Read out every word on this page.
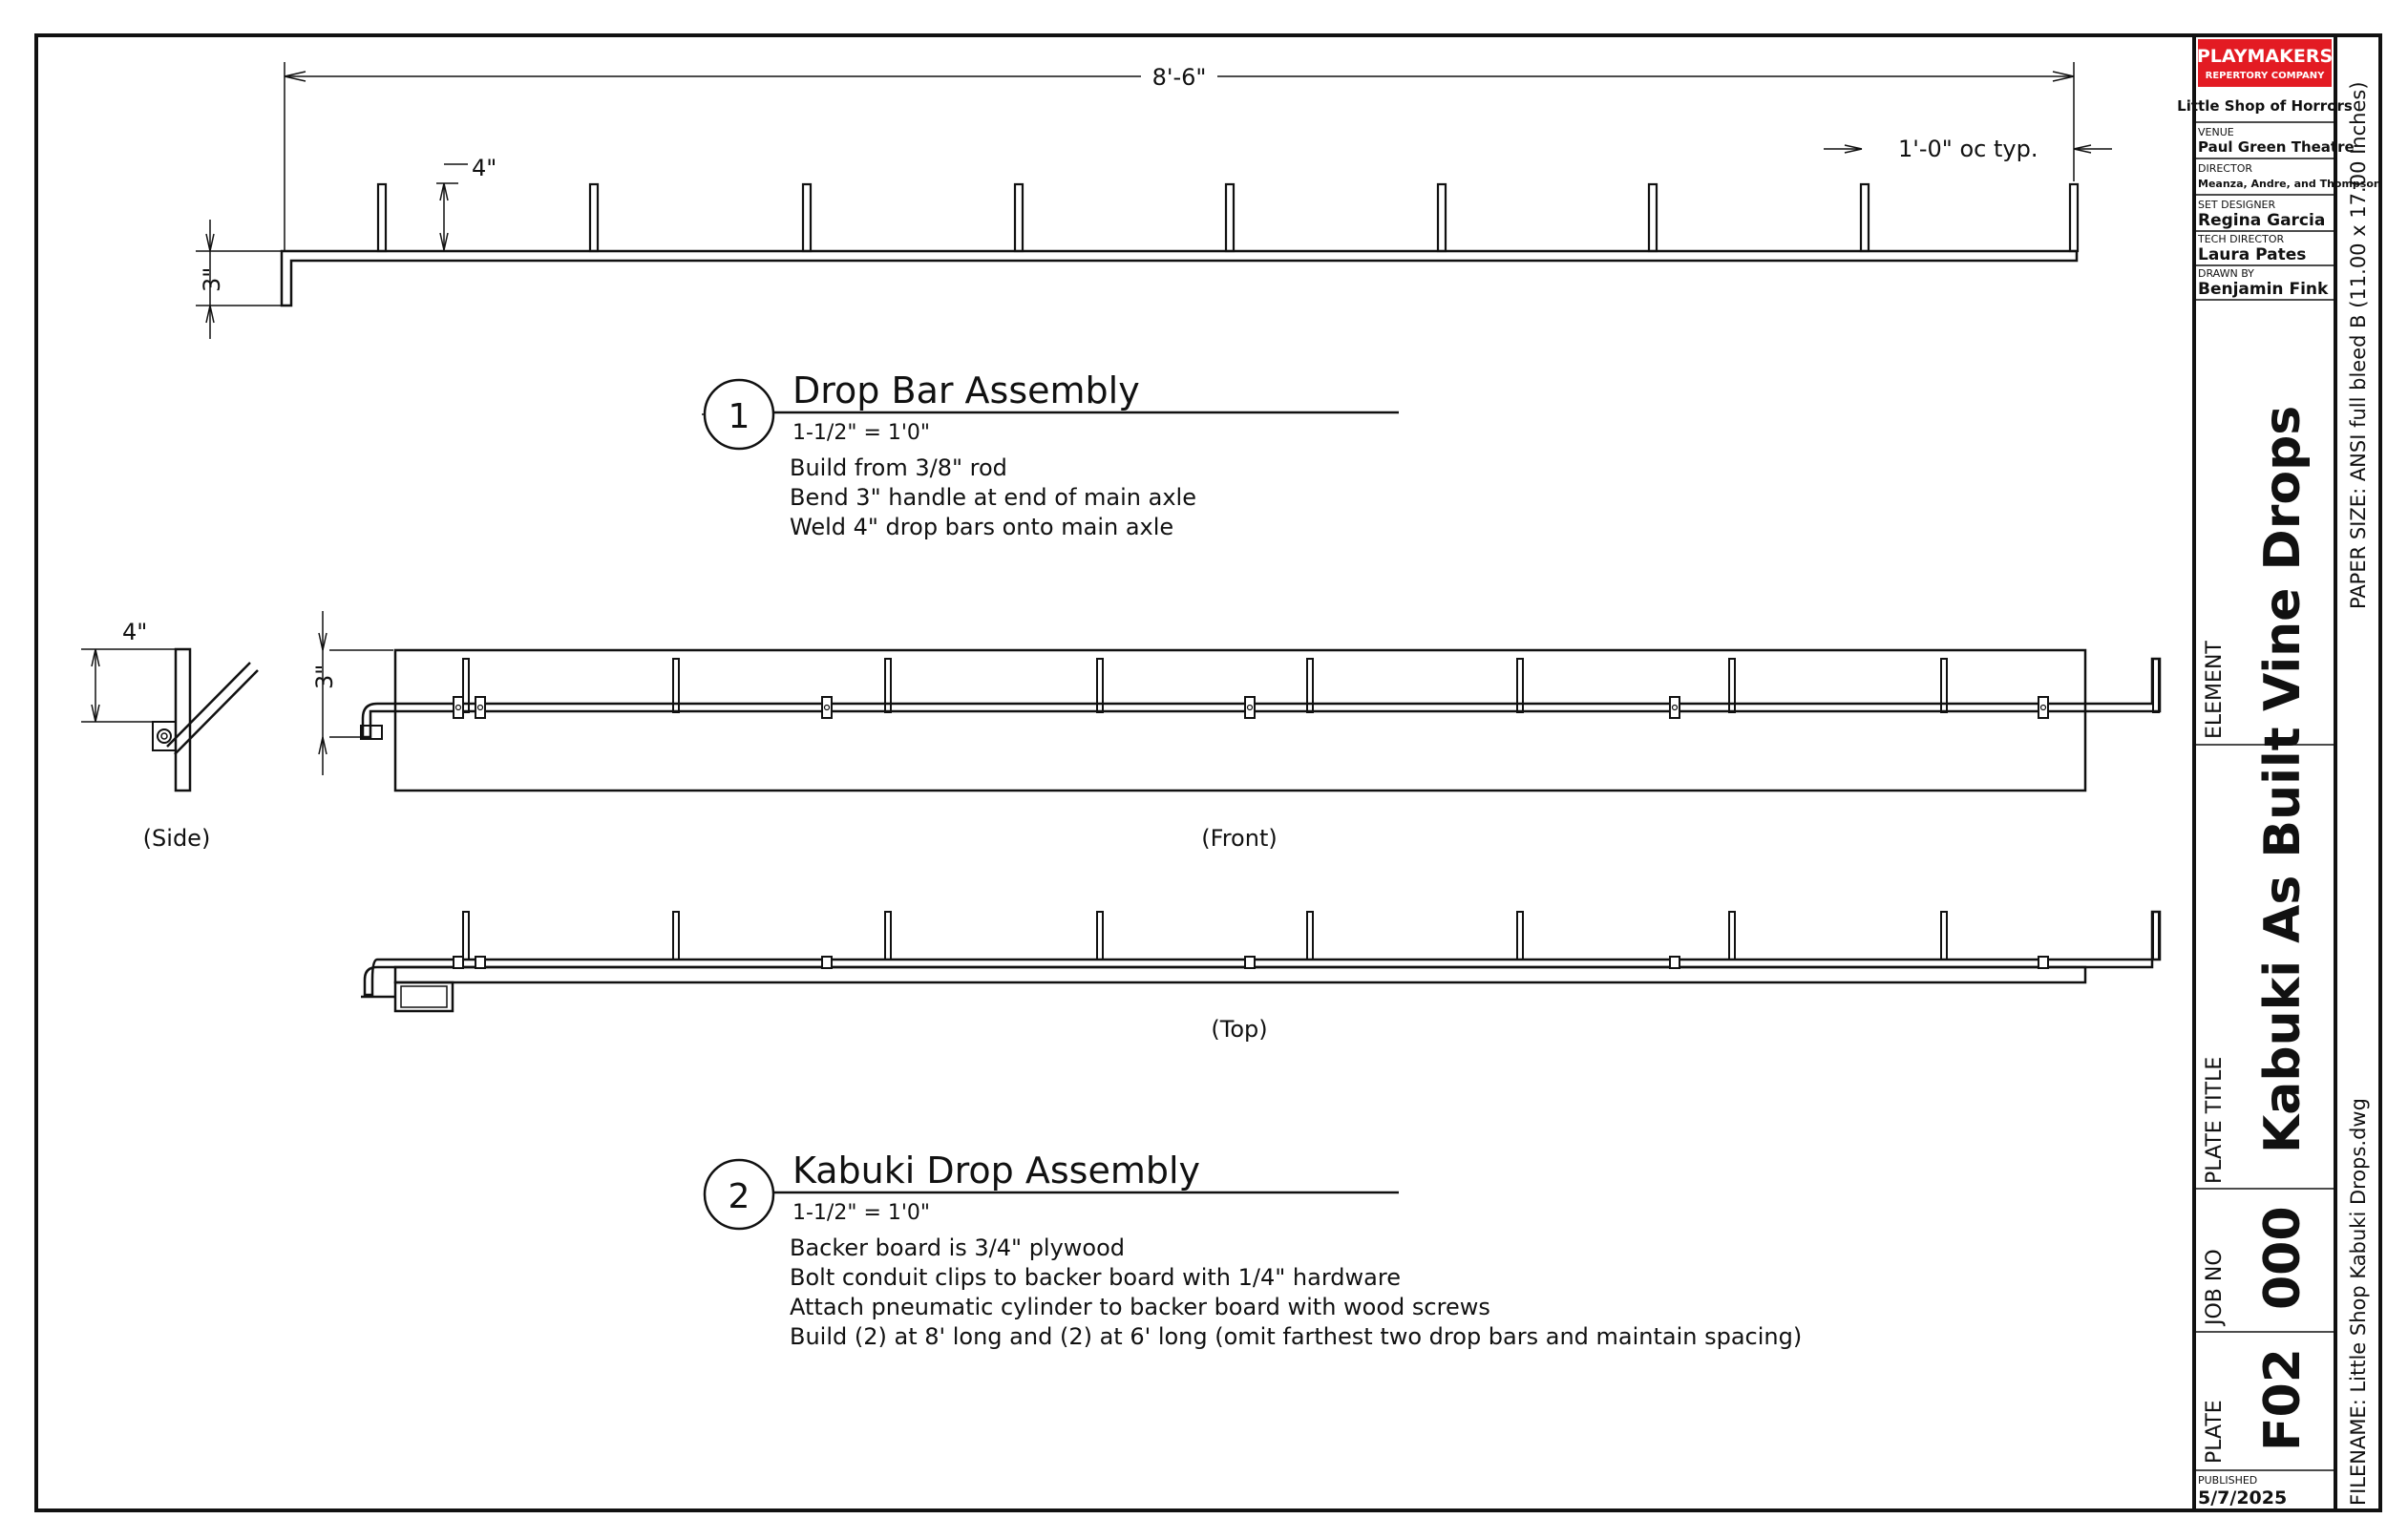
PLAYMAKERS
REPERTORY COMPANY
Little Shop of Horrors
VENUE
Paul Green Theatre
DIRECTOR
Meanza, Andre, and Thompson
SET DESIGNER
Regina Garcia
TECH DIRECTOR
Laura Pates
DRAWN BY
Benjamin Fink
ELEMENT Vine Drops
PLATE TITLE Kabuki As Built
JOB NO 000
PLATE F02
PUBLISHED
5/7/2025
PAPER SIZE: ANSI full bleed B (11.00 x 17.00 Inches)
FILENAME: Little Shop Kabuki Drops.dwg
8'-6"
4"
3"
1'-0" oc typ.
1
Drop Bar Assembly
1-1/2" = 1'0"
Build from 3/8" rod
Bend 3" handle at end of main axle
Weld 4" drop bars onto main axle
4"
(Side)
3"
(Front)
(Top)
2
Kabuki Drop Assembly
1-1/2" = 1'0"
Backer board is 3/4" plywood
Bolt conduit clips to backer board with 1/4" hardware
Attach pneumatic cylinder to backer board with wood screws
Build (2) at 8' long and (2) at 6' long (omit farthest two drop bars and maintain spacing)
